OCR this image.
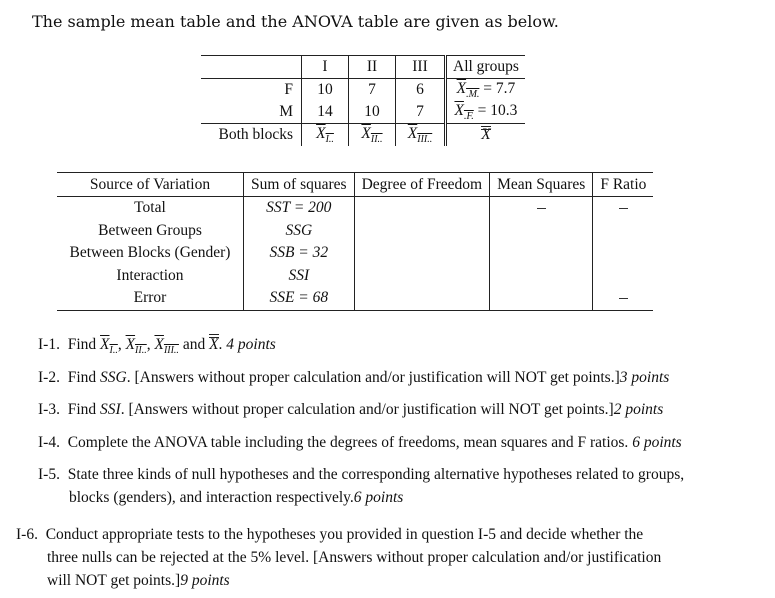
The sample mean table and the ANOVA table are given as below.
	I	II	III	All groups
F	10	7	6	$\overline{X}_{.M.} = 7.7$
M	14	10	7	$\overline{X}_{.F.} = 10.3$
Both blocks	$\overline{X}_{I..}$	$\overline{X}_{II..}$	$\overline{X}_{III..}$	X
Source of Variation	Sum of squares	Degree of Freedom	Mean Squares	F Ratio
Total	SST = 200			
Between Groups	SSG			
Between Blocks (Gender)	SSB = 32			
Interaction	SSI			
Error	SSE = 68			
I-1. Find $\overline{X}_{I..}$, $\overline{X}_{II..}$, $\overline{X}_{III..}$ and X. 4 points
I-2. Find SSG. [Answers without proper calculation and/or justification will NOT get points.]3 points
I-3. Find SSI. [Answers without proper calculation and/or justification will NOT get points.]2 points
I-4. Complete the ANOVA table including the degrees of freedoms, mean squares and F ratios. 6 points
I-5. State three kinds of null hypotheses and the corresponding alternative hypotheses related to groups,
blocks (genders), and interaction respectively.6 points
I-6. Conduct appropriate tests to the hypotheses you provided in question I-5 and decide whether the
three nulls can be rejected at the 5% level. [Answers without proper calculation and/or justification
will NOT get points.]9 points
